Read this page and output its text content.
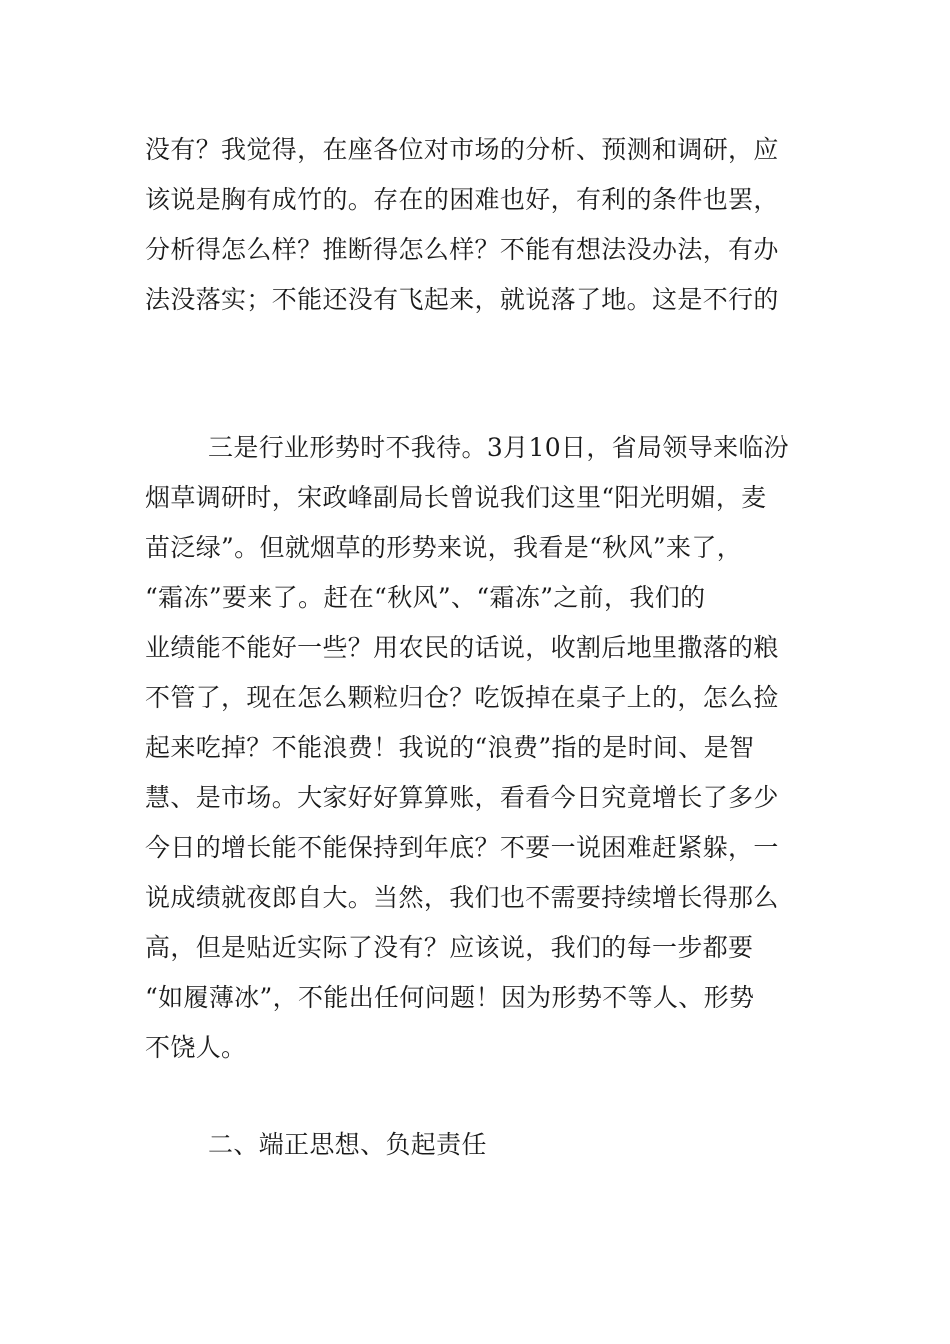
没有？我觉得，在座各位对市场的分析、预测和调研，应
该说是胸有成竹的。存在的困难也好，有利的条件也罢，
分析得怎么样？推断得怎么样？不能有想法没办法，有办
法没落实；不能还没有飞起来，就说落了地。这是不行的
三是行业形势时不我待。3月10日，省局领导来临汾
烟草调研时，宋政峰副局长曾说我们这里“阳光明媚，麦
苗泛绿”。但就烟草的形势来说，我看是“秋风”来了，
“霜冻”要来了。赶在“秋风”、“霜冻”之前，我们的
业绩能不能好一些？用农民的话说，收割后地里撒落的粮
不管了，现在怎么颗粒归仓？吃饭掉在桌子上的，怎么捡
起来吃掉？不能浪费！我说的“浪费”指的是时间、是智
慧、是市场。大家好好算算账，看看今日究竟增长了多少
今日的增长能不能保持到年底？不要一说困难赶紧躲，一
说成绩就夜郎自大。当然，我们也不需要持续增长得那么
高，但是贴近实际了没有？应该说，我们的每一步都要
“如履薄冰”，不能出任何问题！因为形势不等人、形势
不饶人。
二、端正思想、负起责任
